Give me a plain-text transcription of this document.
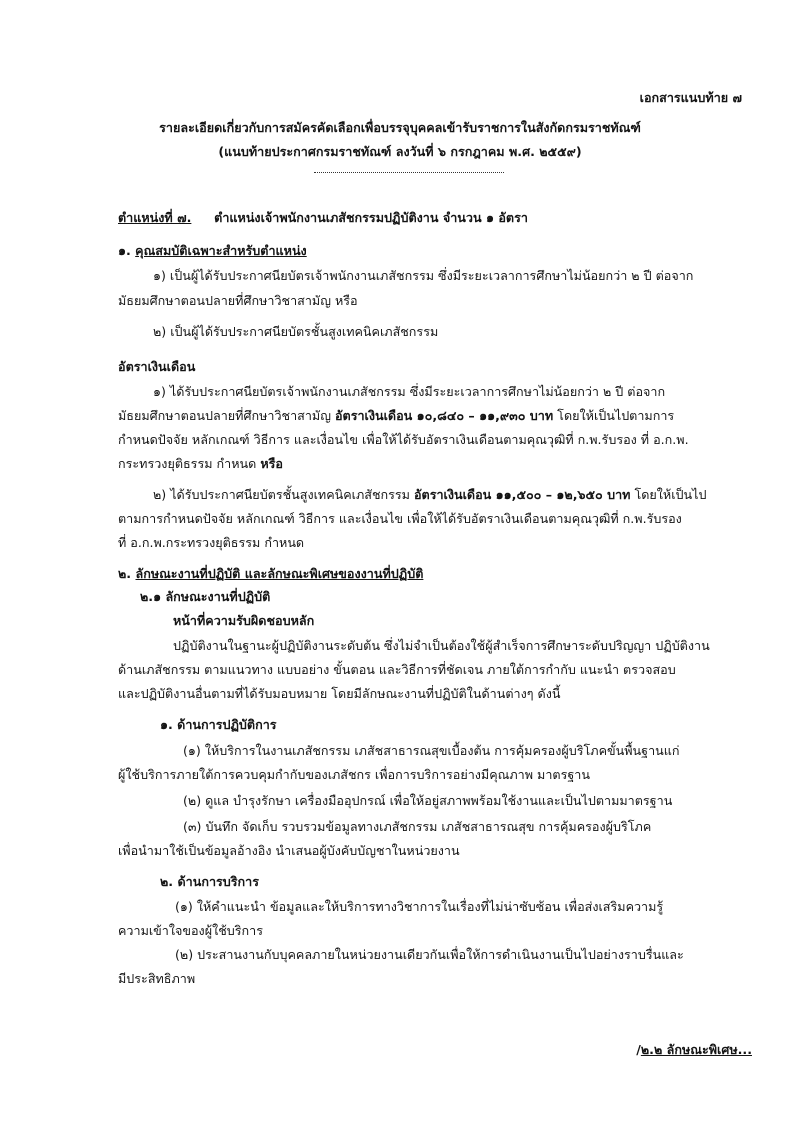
เอกสารแนบท้าย ๗
รายละเอียดเกี่ยวกับการสมัครคัดเลือกเพื่อบรรจุบุคคลเข้ารับราชการในสังกัดกรมราชทัณฑ์
(แนบท้ายประกาศกรมราชทัณฑ์ ลงวันที่ ๖ กรกฎาคม พ.ศ. ๒๕๕๙)
ตำแหน่งที่ ๗. ตำแหน่งเจ้าพนักงานเภสัชกรรมปฏิบัติงาน จำนวน ๑ อัตรา
๑. คุณสมบัติเฉพาะสำหรับตำแหน่ง
๑) เป็นผู้ได้รับประกาศนียบัตรเจ้าพนักงานเภสัชกรรม ซึ่งมีระยะเวลาการศึกษาไม่น้อยกว่า ๒ ปี ต่อจาก
มัธยมศึกษาตอนปลายที่ศึกษาวิชาสามัญ หรือ
๒) เป็นผู้ได้รับประกาศนียบัตรชั้นสูงเทคนิคเภสัชกรรม
อัตราเงินเดือน
๑) ได้รับประกาศนียบัตรเจ้าพนักงานเภสัชกรรม ซึ่งมีระยะเวลาการศึกษาไม่น้อยกว่า ๒ ปี ต่อจาก
มัธยมศึกษาตอนปลายที่ศึกษาวิชาสามัญ อัตราเงินเดือน ๑๐,๘๔๐ – ๑๑,๙๓๐ บาท โดยให้เป็นไปตามการ
กำหนดปัจจัย หลักเกณฑ์ วิธีการ และเงื่อนไข เพื่อให้ได้รับอัตราเงินเดือนตามคุณวุฒิที่ ก.พ.รับรอง ที่ อ.ก.พ.
กระทรวงยุติธรรม กำหนด หรือ
๒) ได้รับประกาศนียบัตรชั้นสูงเทคนิคเภสัชกรรม อัตราเงินเดือน ๑๑,๕๐๐ – ๑๒,๖๕๐ บาท โดยให้เป็นไป
ตามการกำหนดปัจจัย หลักเกณฑ์ วิธีการ และเงื่อนไข เพื่อให้ได้รับอัตราเงินเดือนตามคุณวุฒิที่ ก.พ.รับรอง
ที่ อ.ก.พ.กระทรวงยุติธรรม กำหนด
๒. ลักษณะงานที่ปฏิบัติ และลักษณะพิเศษของงานที่ปฏิบัติ
๒.๑ ลักษณะงานที่ปฏิบัติ
หน้าที่ความรับผิดชอบหลัก
ปฏิบัติงานในฐานะผู้ปฏิบัติงานระดับต้น ซึ่งไม่จำเป็นต้องใช้ผู้สำเร็จการศึกษาระดับปริญญา ปฏิบัติงาน
ด้านเภสัชกรรม ตามแนวทาง แบบอย่าง ขั้นตอน และวิธีการที่ชัดเจน ภายใต้การกำกับ แนะนำ ตรวจสอบ
และปฏิบัติงานอื่นตามที่ได้รับมอบหมาย โดยมีลักษณะงานที่ปฏิบัติในด้านต่างๆ ดังนี้
๑. ด้านการปฏิบัติการ
(๑) ให้บริการในงานเภสัชกรรม เภสัชสาธารณสุขเบื้องต้น การคุ้มครองผู้บริโภคขั้นพื้นฐานแก่
ผู้ใช้บริการภายใต้การควบคุมกำกับของเภสัชกร เพื่อการบริการอย่างมีคุณภาพ มาตรฐาน
(๒) ดูแล บำรุงรักษา เครื่องมืออุปกรณ์ เพื่อให้อยู่สภาพพร้อมใช้งานและเป็นไปตามมาตรฐาน
(๓) บันทึก จัดเก็บ รวบรวมข้อมูลทางเภสัชกรรม เภสัชสาธารณสุข การคุ้มครองผู้บริโภค
เพื่อนำมาใช้เป็นข้อมูลอ้างอิง นำเสนอผู้บังคับบัญชาในหน่วยงาน
๒. ด้านการบริการ
(๑) ให้คำแนะนำ ข้อมูลและให้บริการทางวิชาการในเรื่องที่ไม่น่าซับซ้อน เพื่อส่งเสริมความรู้
ความเข้าใจของผู้ใช้บริการ
(๒) ประสานงานกับบุคคลภายในหน่วยงานเดียวกันเพื่อให้การดำเนินงานเป็นไปอย่างราบรื่นและ
มีประสิทธิภาพ
/๒.๒ ลักษณะพิเศษ...
